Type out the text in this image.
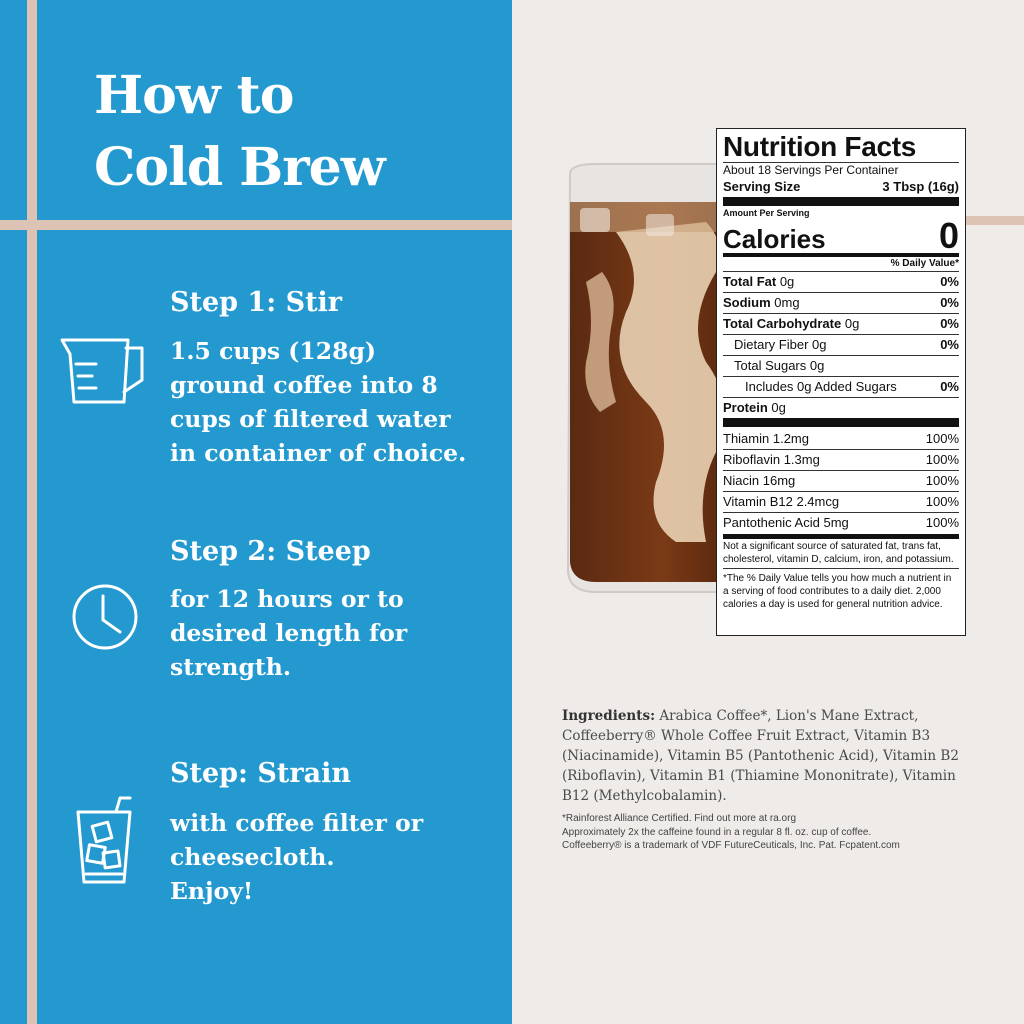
How to
Cold Brew
Step 1: Stir
1.5 cups (128g)
ground coffee into 8
cups of filtered water
in container of choice.
Step 2: Steep
for 12 hours or to
desired length for
strength.
Step: Strain
with coffee filter or
cheesecloth.
Enjoy!
Nutrition Facts
About 18 Servings Per Container
Serving Size	3 Tbsp (16g)
Amount Per Serving
Calories	0
% Daily Value*
Total Fat 0g	0%
Sodium 0mg	0%
Total Carbohydrate 0g	0%
Dietary Fiber 0g	0%
Total Sugars 0g
Includes 0g Added Sugars	0%
Protein 0g
Thiamin 1.2mg	100%
Riboflavin 1.3mg	100%
Niacin 16mg	100%
Vitamin B12 2.4mcg	100%
Pantothenic Acid 5mg	100%
Not a significant source of saturated fat, trans fat, cholesterol, vitamin D, calcium, iron, and potassium.
*The % Daily Value tells you how much a nutrient in a serving of food contributes to a daily diet. 2,000 calories a day is used for general nutrition advice.
Ingredients: Arabica Coffee*, Lion's Mane Extract, Coffeeberry® Whole Coffee Fruit Extract, Vitamin B3 (Niacinamide), Vitamin B5 (Pantothenic Acid), Vitamin B2 (Riboflavin), Vitamin B1 (Thiamine Mononitrate), Vitamin B12 (Methylcobalamin).
*Rainforest Alliance Certified. Find out more at ra.org
Approximately 2x the caffeine found in a regular 8 fl. oz. cup of coffee.
Coffeeberry® is a trademark of VDF FutureCeuticals, Inc. Pat. Fcpatent.com
